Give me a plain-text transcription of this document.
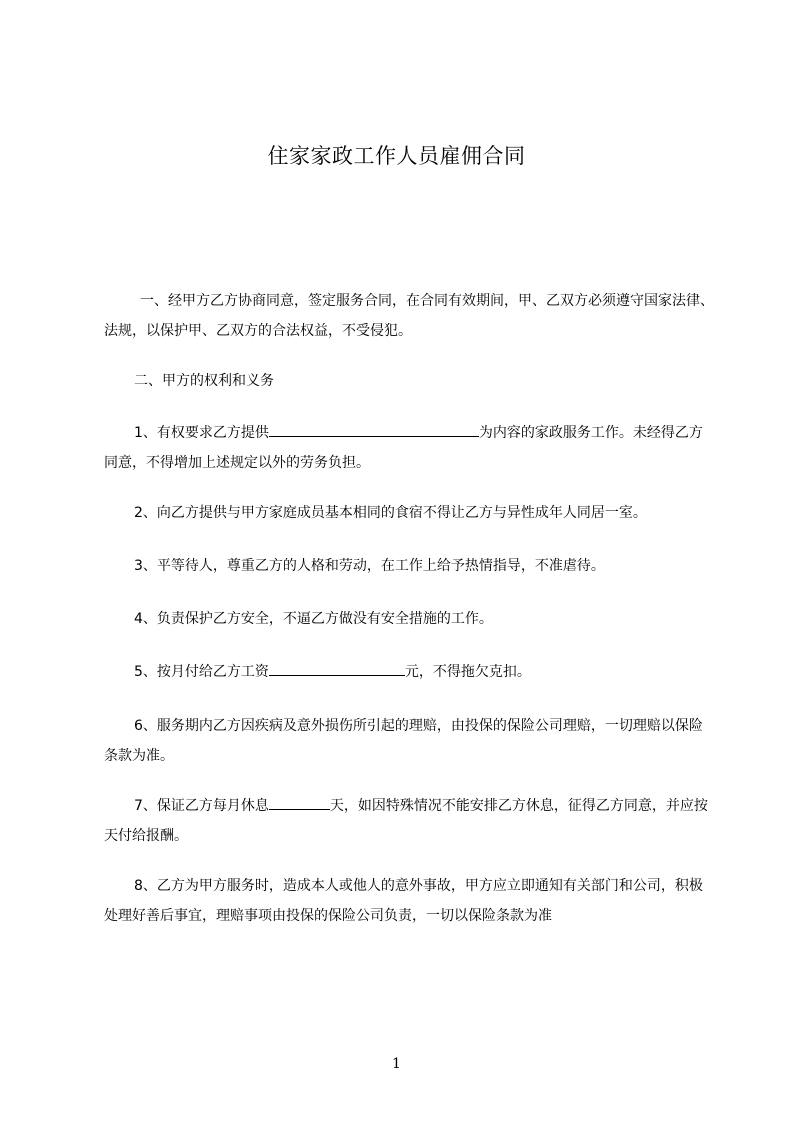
住家家政工作人员雇佣合同

一、经甲方乙方协商同意，签定服务合同，在合同有效期间，甲、乙双方必须遵守国家法律、法规，以保护甲、乙双方的合法权益，不受侵犯。

二、甲方的权利和义务

1、有权要求乙方提供	为内容的家政服务工作。未经得乙方同意，不得增加上述规定以外的劳务负担。

2、向乙方提供与甲方家庭成员基本相同的食宿不得让乙方与异性成年人同居一室。

3、平等待人，尊重乙方的人格和劳动，在工作上给予热情指导，不准虐待。

4、负责保护乙方安全，不逼乙方做没有安全措施的工作。

5、按月付给乙方工资	元，不得拖欠克扣。

6、服务期内乙方因疾病及意外损伤所引起的理赔，由投保的保险公司理赔，一切理赔以保险条款为准。

7、保证乙方每月休息	天，如因特殊情况不能安排乙方休息，征得乙方同意，并应按天付给报酬。

8、乙方为甲方服务时，造成本人或他人的意外事故，甲方应立即通知有关部门和公司，积极处理好善后事宜，理赔事项由投保的保险公司负责，一切以保险条款为准

1
